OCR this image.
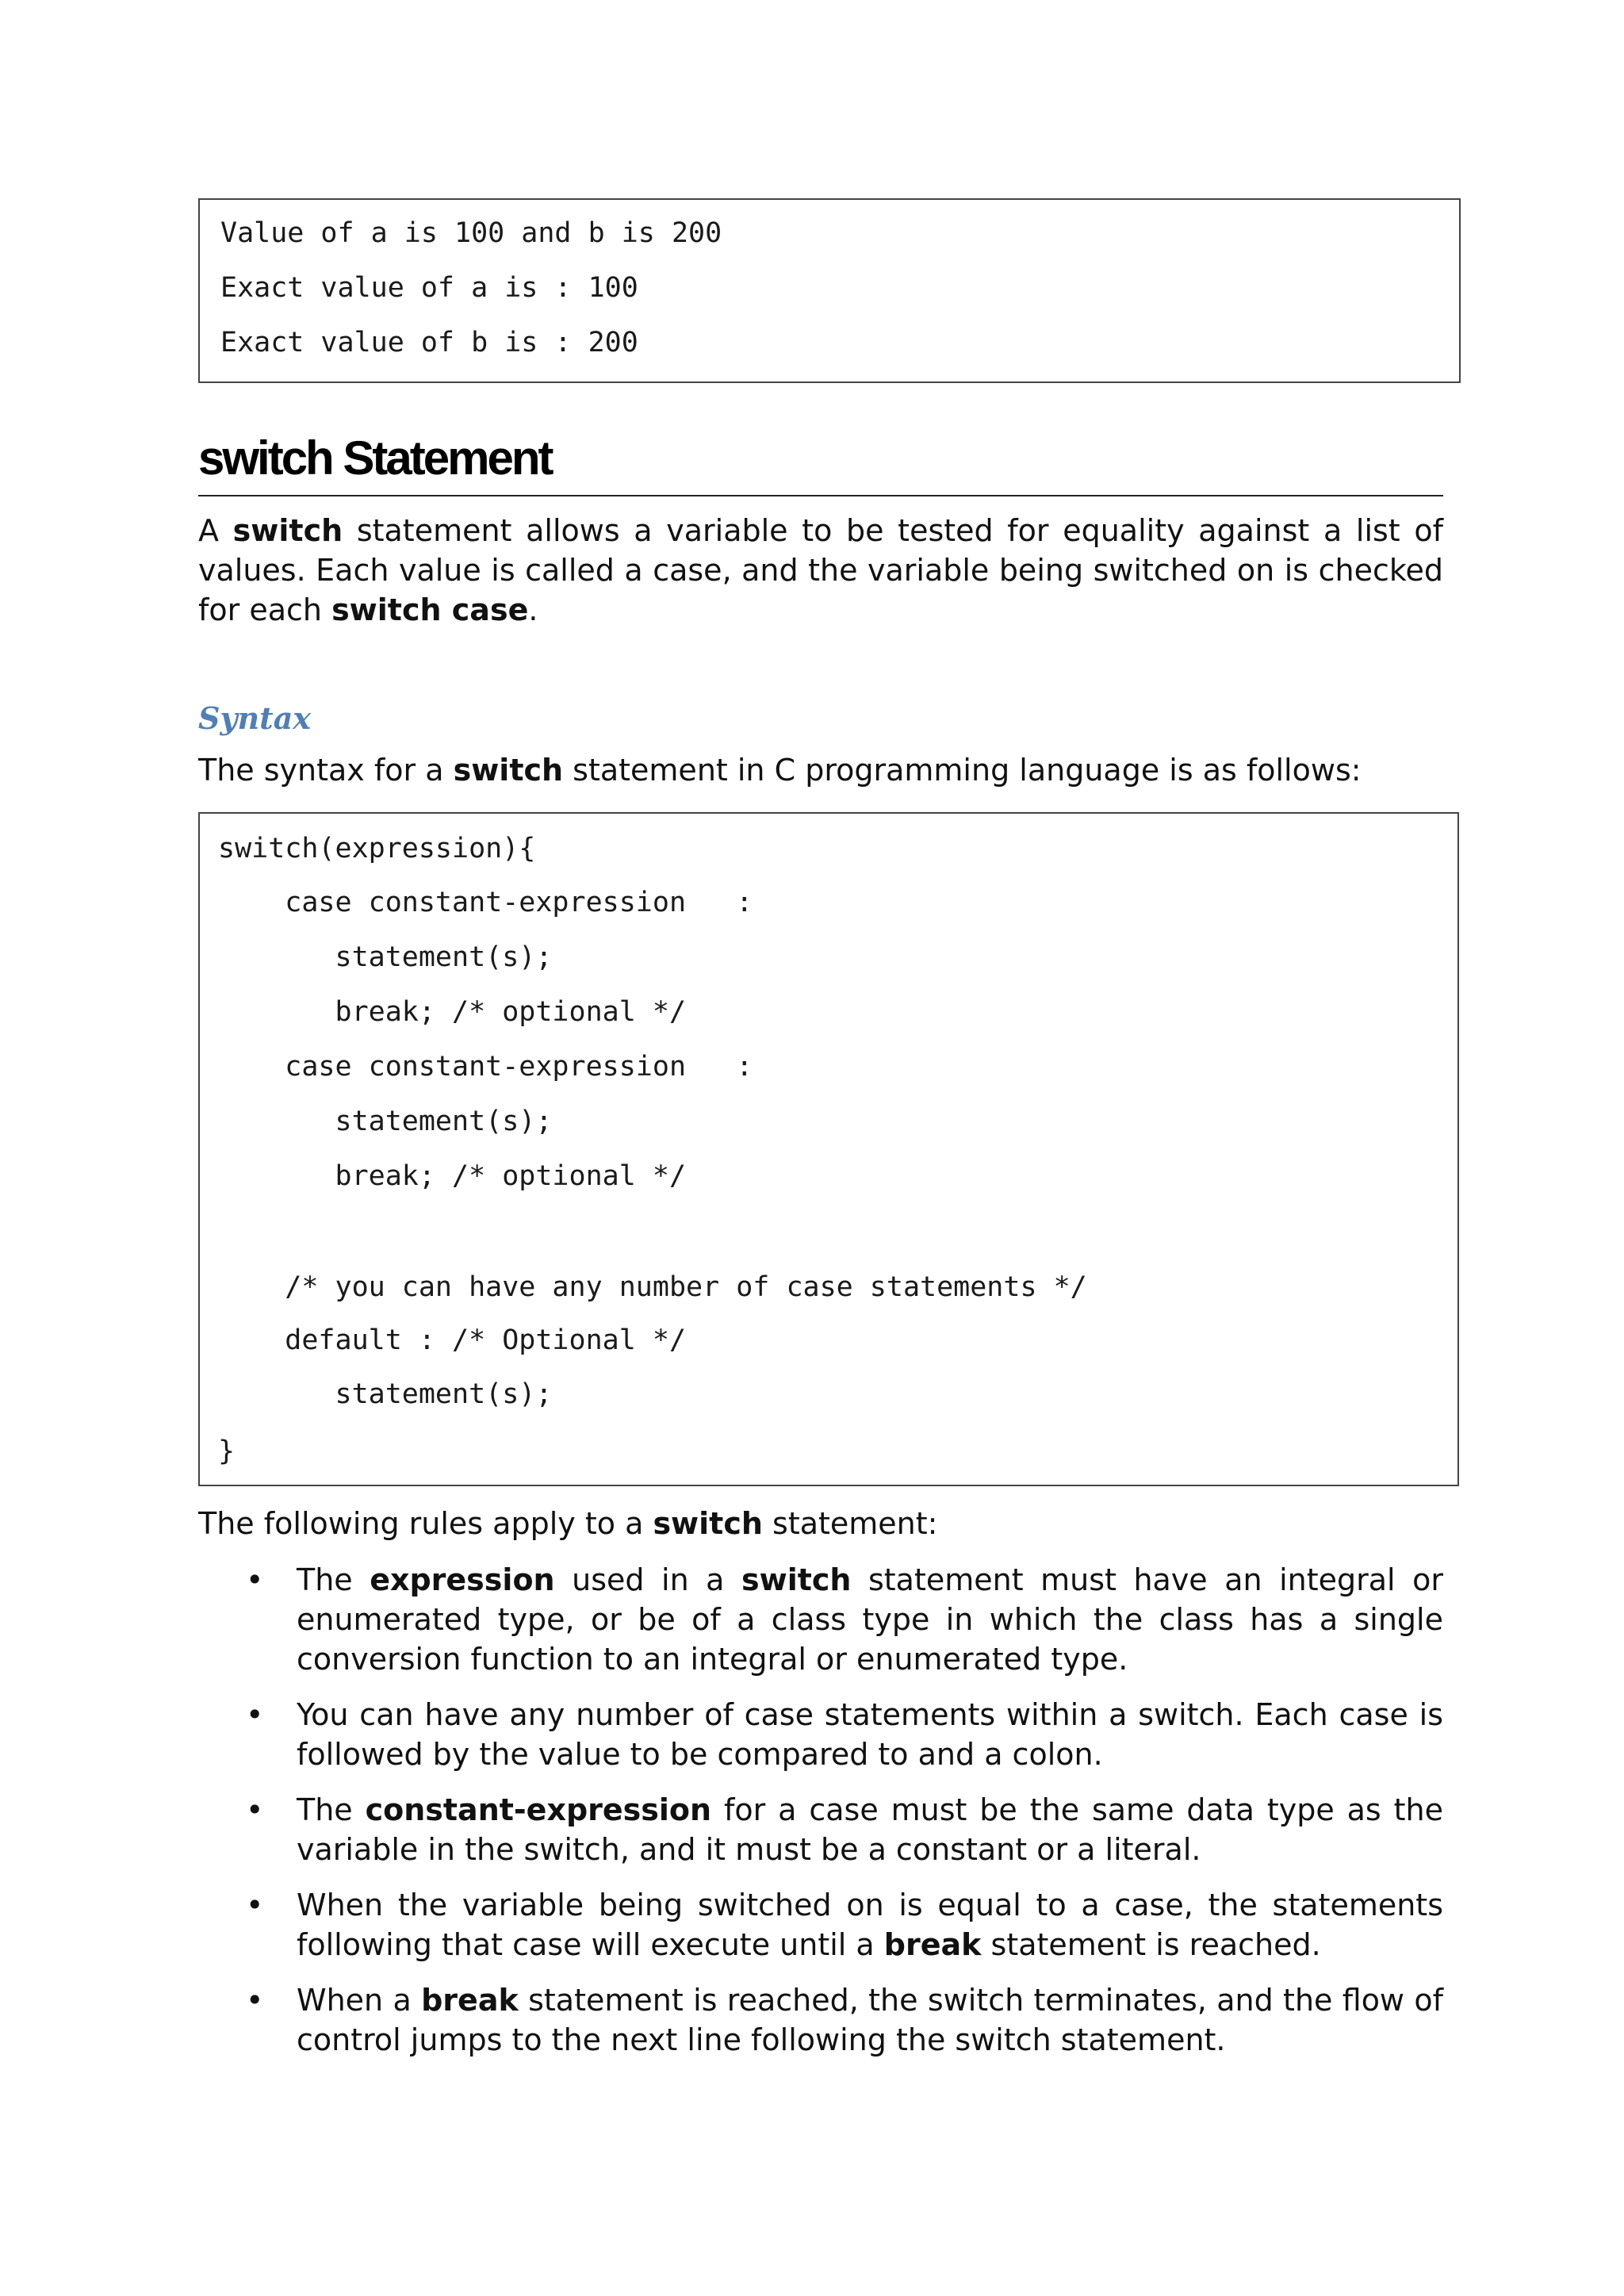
Value of a is 100 and b is 200
Exact value of a is : 100
Exact value of b is : 200
switch Statement

A switch statement allows a variable to be tested for equality against a list of values. Each value is called a case, and the variable being switched on is checked for each switch case.

Syntax

The syntax for a switch statement in C programming language is as follows:

switch(expression){
case constant-expression   :
statement(s);
break; /* optional */
case constant-expression   :
statement(s);
break; /* optional */
/* you can have any number of case statements */
default : /* Optional */
statement(s);
}

The following rules apply to a switch statement:

• The expression used in a switch statement must have an integral or enumerated type, or be of a class type in which the class has a single conversion function to an integral or enumerated type.

• You can have any number of case statements within a switch. Each case is followed by the value to be compared to and a colon.

• The constant-expression for a case must be the same data type as the variable in the switch, and it must be a constant or a literal.

• When the variable being switched on is equal to a case, the statements following that case will execute until a break statement is reached.

• When a break statement is reached, the switch terminates, and the flow of control jumps to the next line following the switch statement.
